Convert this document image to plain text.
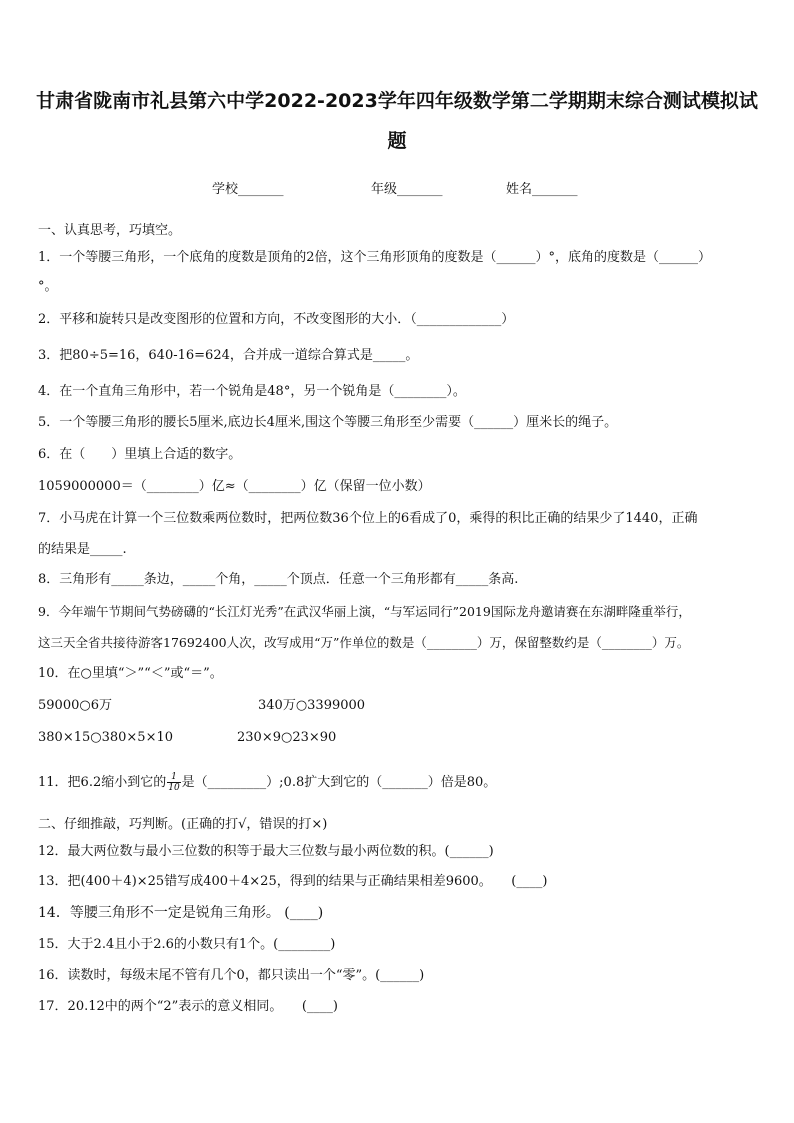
甘肃省陇南市礼县第六中学2022-2023学年四年级数学第二学期期末综合测试模拟试
题
学校_______	年级_______	姓名_______
一、认真思考，巧填空。
1．一个等腰三角形，一个底角的度数是顶角的2倍，这个三角形顶角的度数是（______）°，底角的度数是（______）
°。
2．平移和旋转只是改变图形的位置和方向，不改变图形的大小．（_____________）
3．把80÷5=16，640-16=624，合并成一道综合算式是_____。
4．在一个直角三角形中，若一个锐角是48°，另一个锐角是（________）。
5．一个等腰三角形的腰长5厘米,底边长4厘米,围这个等腰三角形至少需要（______）厘米长的绳子。
6．在（　　）里填上合适的数字。
1059000000＝（________）亿≈（________）亿（保留一位小数）
7．小马虎在计算一个三位数乘两位数时，把两位数36个位上的6看成了0，乘得的积比正确的结果少了1440，正确
的结果是_____.
8．三角形有_____条边，_____个角，_____个顶点．任意一个三角形都有_____条高.
9．今年端午节期间气势磅礴的“长江灯光秀”在武汉华丽上演，“与军运同行”2019国际龙舟邀请赛在东湖畔隆重举行，
这三天全省共接待游客17692400人次，改写成用“万”作单位的数是（________）万，保留整数约是（________）万。
10．在○里填“＞”“＜”或“＝”。
59000○6万	340万○3399000
380×15○380×5×10	230×9○23×90
11．把6.2缩小到它的 $\frac{1}{10}$ 是（_________）;0.8扩大到它的（_______）倍是80。
二、仔细推敲，巧判断。(正确的打√，错误的打×)
12．最大两位数与最小三位数的积等于最大三位数与最小两位数的积。(______)
13．把(400＋4)×25错写成400＋4×25，得到的结果与正确结果相差9600。　　(____)
14．等腰三角形不一定是锐角三角形。 (____)
15．大于2.4且小于2.6的小数只有1个。(________)
16．读数时，每级末尾不管有几个0，都只读出一个“零”。(______)
17．20.12中的两个“2”表示的意义相同。　　(____)
